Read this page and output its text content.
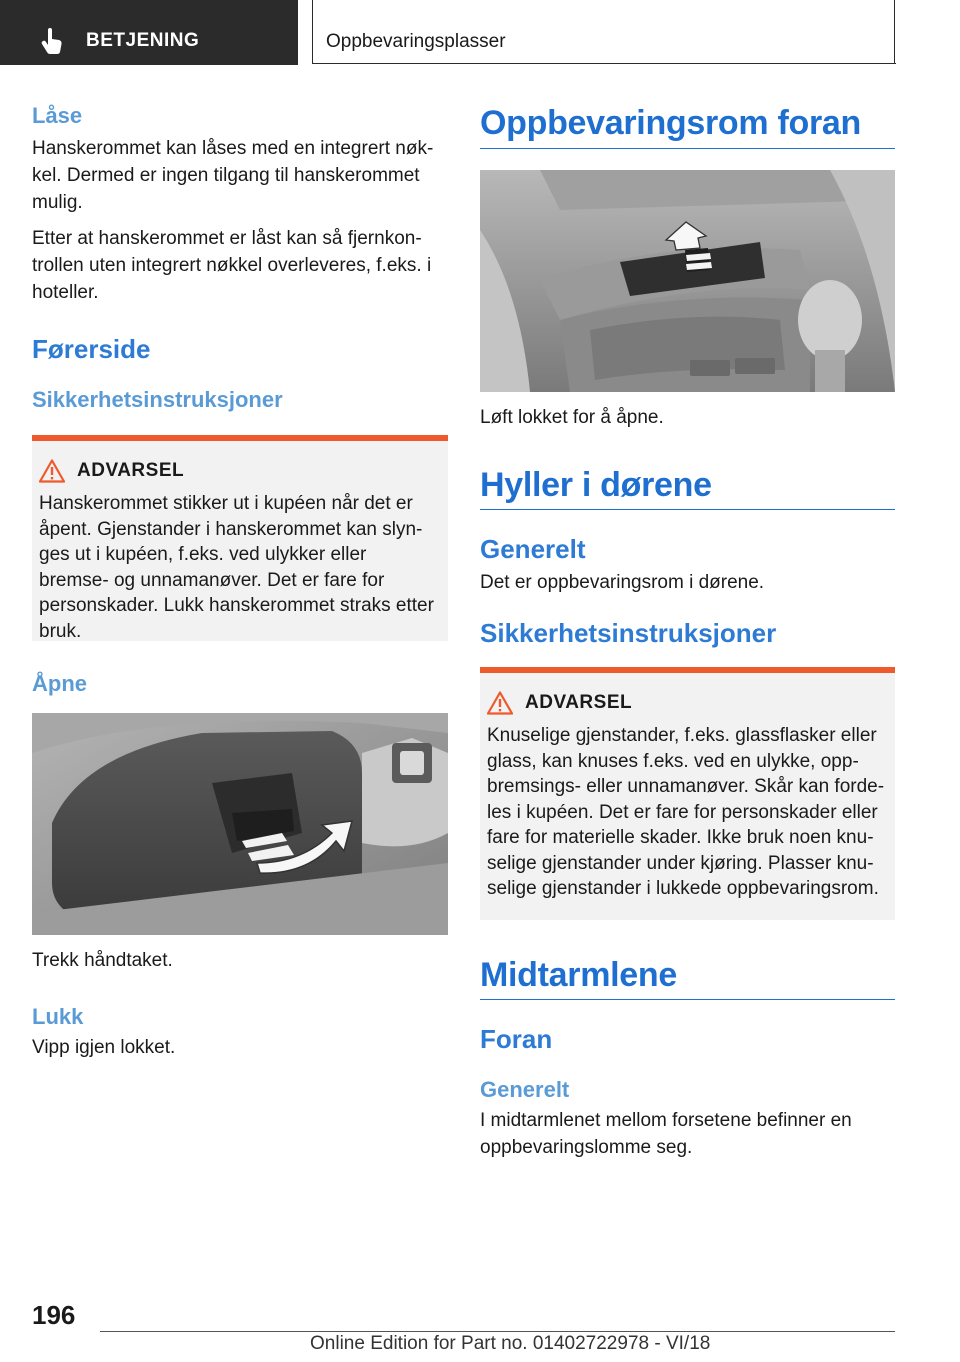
BETJENING	Oppbevaringsplasser
Låse

Hanskerommet kan låses med en integrert nøkkel. Dermed er ingen tilgang til hanskerommet mulig.

Etter at hanskerommet er låst kan så fjernkontrollen uten integrert nøkkel overleveres, f.eks. i hoteller.

Førerside
Sikkerhetsinstruksjoner
ADVARSEL

Hanskerommet stikker ut i kupéen når det er åpent. Gjenstander i hanskerommet kan slynges ut i kupéen, f.eks. ved ulykker eller bremse- og unnamanøver. Det er fare for personskader. Lukk hanskerommet straks etter bruk.

Åpne

Trekk håndtaket.

Lukk

Vipp igjen lokket.

Oppbevaringsrom foran

Løft lokket for å åpne.

Hyller i dørene
Generelt

Det er oppbevaringsrom i dørene.

Sikkerhetsinstruksjoner
ADVARSEL

Knuselige gjenstander, f.eks. glassflasker eller glass, kan knuses f.eks. ved en ulykke, oppbremsings- eller unnamanøver. Skår kan fordeles i kupéen. Det er fare for personskader eller fare for materielle skader. Ikke bruk noen knuselige gjenstander under kjøring. Plasser knuselige gjenstander i lukkede oppbevaringsrom.

Midtarmlene
Foran
Generelt

I midtarmlenet mellom forsetene befinner en oppbevaringslomme seg.

196
Online Edition for Part no. 01402722978 - VI/18
